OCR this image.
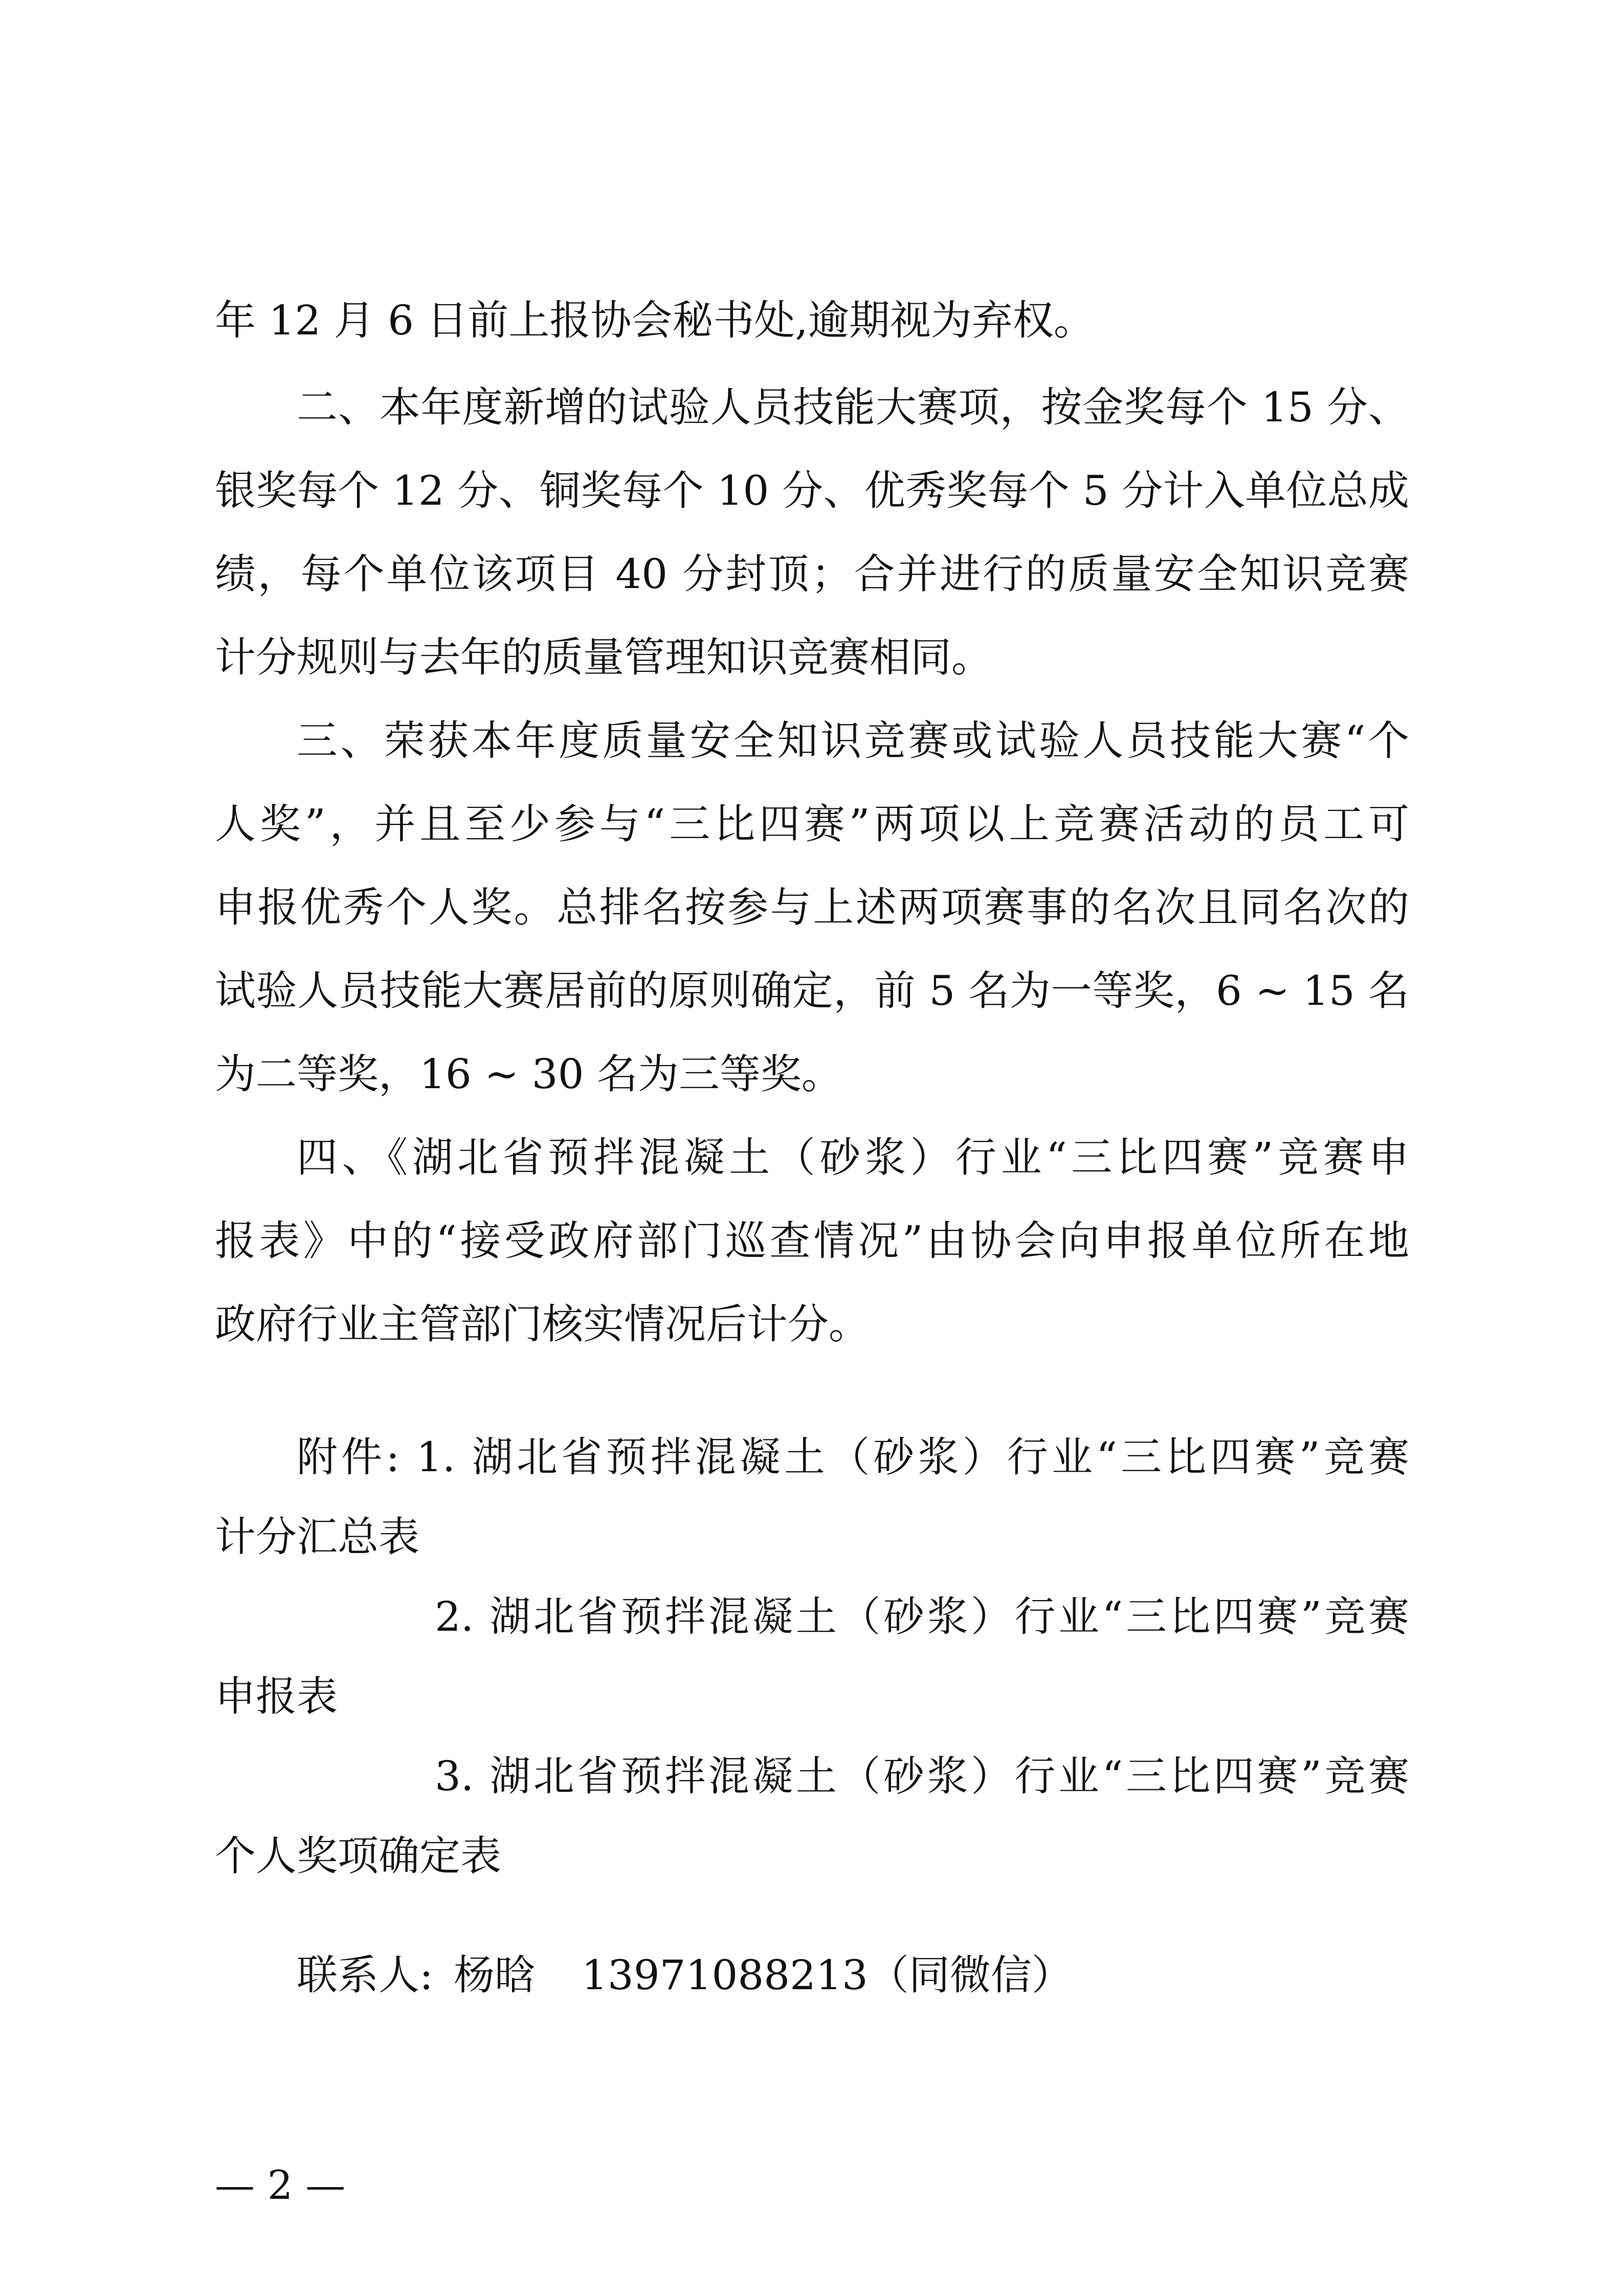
年 12 月 6 日前上报协会秘书处,逾期视为弃权。
二、本年度新增的试验人员技能大赛项，按金奖每个 15 分、
银奖每个 12 分、铜奖每个 10 分、优秀奖每个 5 分计入单位总成
绩，每个单位该项目 40 分封顶；合并进行的质量安全知识竞赛
计分规则与去年的质量管理知识竞赛相同。
三、荣获本年度质量安全知识竞赛或试验人员技能大赛“个
人奖”，并且至少参与“三比四赛”两项以上竞赛活动的员工可
申报优秀个人奖。总排名按参与上述两项赛事的名次且同名次的
试验人员技能大赛居前的原则确定，前 5 名为一等奖，6 ~ 15 名
为二等奖，16 ~ 30 名为三等奖。
四、《湖北省预拌混凝土（砂浆）行业“三比四赛”竞赛申
报表》中的“接受政府部门巡查情况”由协会向申报单位所在地
政府行业主管部门核实情况后计分。
附件: 1. 湖北省预拌混凝土（砂浆）行业“三比四赛”竞赛
计分汇总表
2. 湖北省预拌混凝土（砂浆）行业“三比四赛”竞赛
申报表
3. 湖北省预拌混凝土（砂浆）行业“三比四赛”竞赛
个人奖项确定表
联系人: 杨晗 13971088213（同微信）
— 2 —
